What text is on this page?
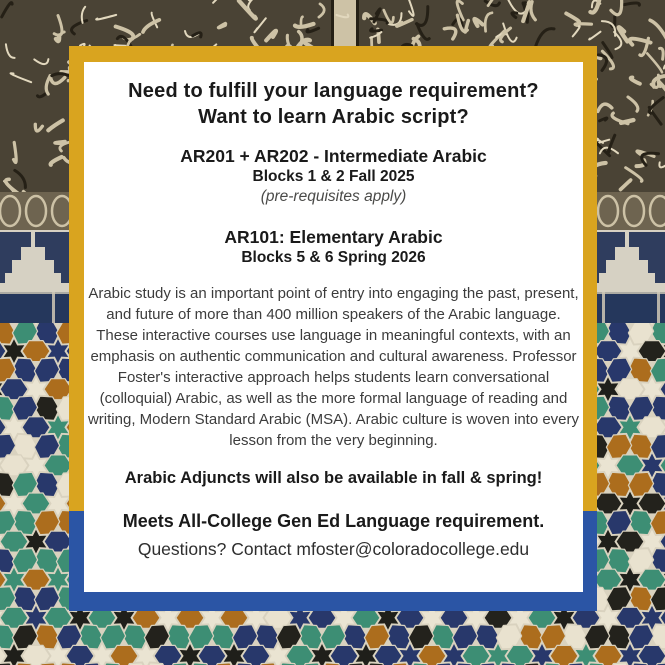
Need to fulfill your language requirement?
Want to learn Arabic script?
AR201 + AR202 - Intermediate Arabic
Blocks 1 & 2 Fall 2025
(pre-requisites apply)
AR101: Elementary Arabic
Blocks 5 & 6 Spring 2026

Arabic study is an important point of entry into engaging the past, present, and future of more than 400 million speakers of the Arabic language. These interactive courses use language in meaningful contexts, with an emphasis on authentic communication and cultural awareness. Professor Foster's interactive approach helps students learn conversational (colloquial) Arabic, as well as the more formal language of reading and writing, Modern Standard Arabic (MSA). Arabic culture is woven into every lesson from the very beginning.

Arabic Adjuncts will also be available in fall & spring!
Meets All-College Gen Ed Language requirement.
Questions? Contact mfoster@coloradocollege.edu
